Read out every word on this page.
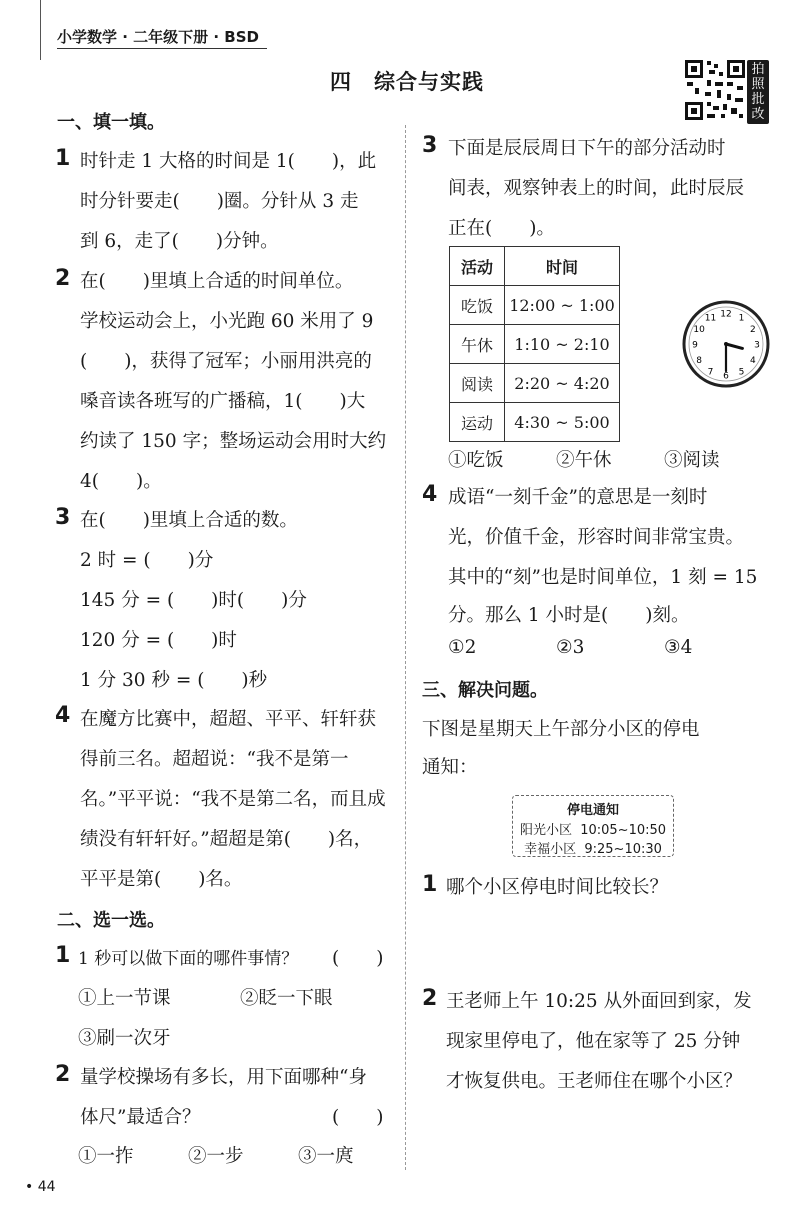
小学数学 · 二年级下册 · BSD
四　综合与实践
拍
照
批
改
一、填一填。
1 时针走 1 大格的时间是 1(　　)，此
时分针要走(　　)圈。分针从 3 走
到 6，走了(　　)分钟。
2 在(　　)里填上合适的时间单位。
学校运动会上，小光跑 60 米用了 9
(　　)，获得了冠军；小丽用洪亮的
嗓音读各班写的广播稿，1(　　)大
约读了 150 字；整场运动会用时大约
4(　　)。
3 在(　　)里填上合适的数。
2 时 = (　　)分
145 分 = (　　)时(　　)分
120 分 = (　　)时
1 分 30 秒 = (　　)秒
4 在魔方比赛中，超超、平平、轩轩获
得前三名。超超说：“我不是第一
名。”平平说：“我不是第二名，而且成
绩没有轩轩好。”超超是第(　　)名，
平平是第(　　)名。
二、选一选。
1 1 秒可以做下面的哪件事情？ (　　)
①上一节课	②眨一下眼
③刷一次牙
2 量学校操场有多长，用下面哪种“身
体尺”最适合？	(　　)
①一拃	②一步	③一庹
• 44
3 下面是辰辰周日下午的部分活动时
间表，观察钟表上的时间，此时辰辰
正在(　　)。
活动	时间
吃饭	12:00 ~ 1:00
午休	1:10 ~ 2:10
阅读	2:20 ~ 4:20
运动	4:30 ~ 5:00
12 1
2
3
4
5
6
7
8
9
10
11
①吃饭	②午休	③阅读
4 成语“一刻千金”的意思是一刻时
光，价值千金，形容时间非常宝贵。
其中的“刻”也是时间单位，1 刻 = 15
分。那么 1 小时是(　　)刻。
①2	②3	③4
三、解决问题。
下图是星期天上午部分小区的停电
通知：
停电通知
阳光小区 10:05~10:50
幸福小区 9:25~10:30
1 哪个小区停电时间比较长？
2 王老师上午 10:25 从外面回到家，发
现家里停电了，他在家等了 25 分钟
才恢复供电。王老师住在哪个小区？
